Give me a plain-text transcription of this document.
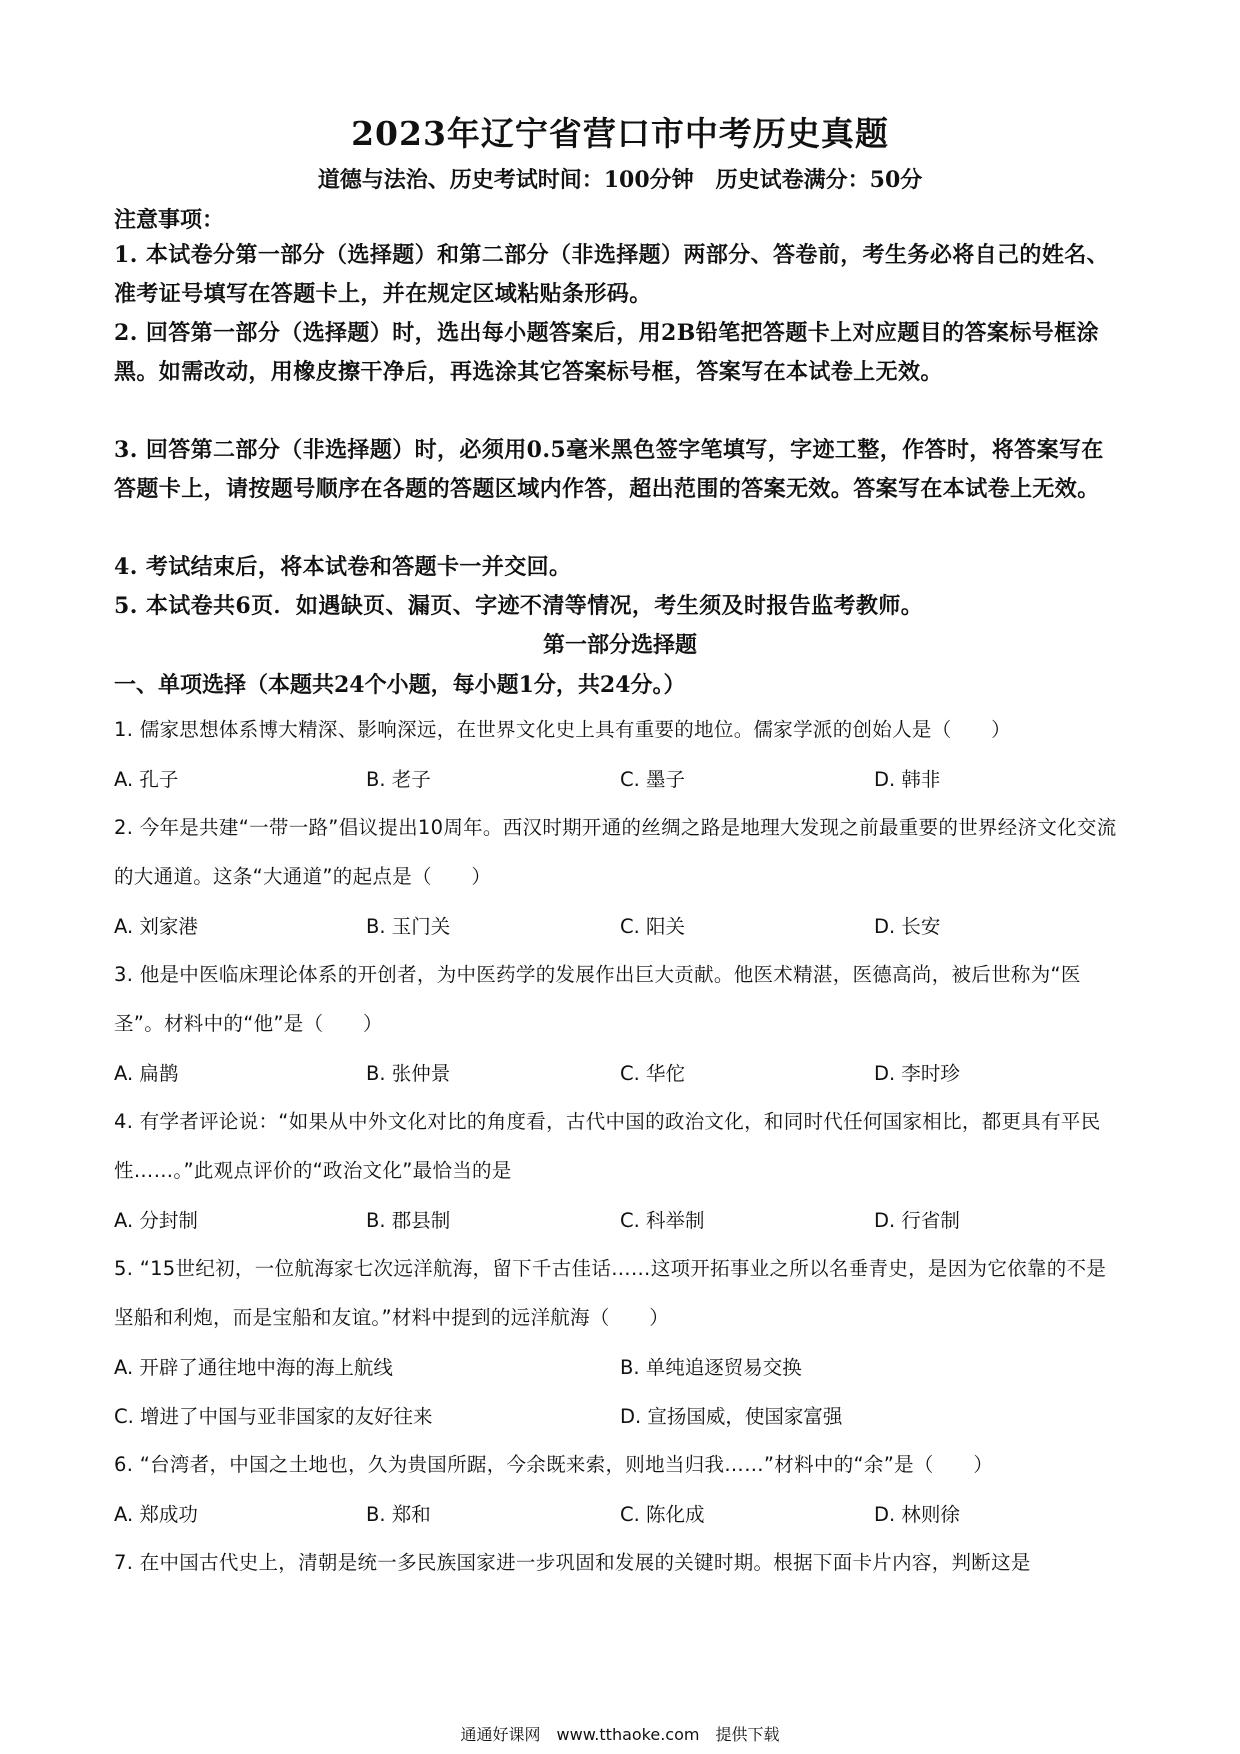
2023年辽宁省营口市中考历史真题
道德与法治、历史考试时间：100分钟　历史试卷满分：50分
注意事项：
1. 本试卷分第一部分（选择题）和第二部分（非选择题）两部分、答卷前，考生务必将自己的姓名、准考证号填写在答题卡上，并在规定区域粘贴条形码。
2. 回答第一部分（选择题）时，选出每小题答案后，用2B铅笔把答题卡上对应题目的答案标号框涂黑。如需改动，用橡皮擦干净后，再选涂其它答案标号框，答案写在本试卷上无效。
3. 回答第二部分（非选择题）时，必须用0.5毫米黑色签字笔填写，字迹工整，作答时，将答案写在答题卡上，请按题号顺序在各题的答题区域内作答，超出范围的答案无效。答案写在本试卷上无效。
4. 考试结束后，将本试卷和答题卡一并交回。
5. 本试卷共6页．如遇缺页、漏页、字迹不清等情况，考生须及时报告监考教师。
第一部分选择题
一、单项选择（本题共24个小题，每小题1分，共24分。）
1. 儒家思想体系博大精深、影响深远，在世界文化史上具有重要的地位。儒家学派的创始人是（　　）
A. 孔子	B. 老子	C. 墨子	D. 韩非
2. 今年是共建“一带一路”倡议提出10周年。西汉时期开通的丝绸之路是地理大发现之前最重要的世界经济文化交流的大通道。这条“大通道”的起点是（　　）
A. 刘家港	B. 玉门关	C. 阳关	D. 长安
3. 他是中医临床理论体系的开创者，为中医药学的发展作出巨大贡献。他医术精湛，医德高尚，被后世称为“医圣”。材料中的“他”是（　　）
A. 扁鹊	B. 张仲景	C. 华佗	D. 李时珍
4. 有学者评论说：“如果从中外文化对比的角度看，古代中国的政治文化，和同时代任何国家相比，都更具有平民性……。”此观点评价的“政治文化”最恰当的是
A. 分封制	B. 郡县制	C. 科举制	D. 行省制
5. “15世纪初，一位航海家七次远洋航海，留下千古佳话……这项开拓事业之所以名垂青史，是因为它依靠的不是坚船和利炮，而是宝船和友谊。”材料中提到的远洋航海（　　）
A. 开辟了通往地中海的海上航线	B. 单纯追逐贸易交换
C. 增进了中国与亚非国家的友好往来	D. 宣扬国威，使国家富强
6. “台湾者，中国之土地也，久为贵国所踞，今余既来索，则地当归我……”材料中的“余”是（　　）
A. 郑成功	B. 郑和	C. 陈化成	D. 林则徐
7. 在中国古代史上，清朝是统一多民族国家进一步巩固和发展的关键时期。根据下面卡片内容，判断这是
通通好课网　www.tthaoke.com　提供下载
